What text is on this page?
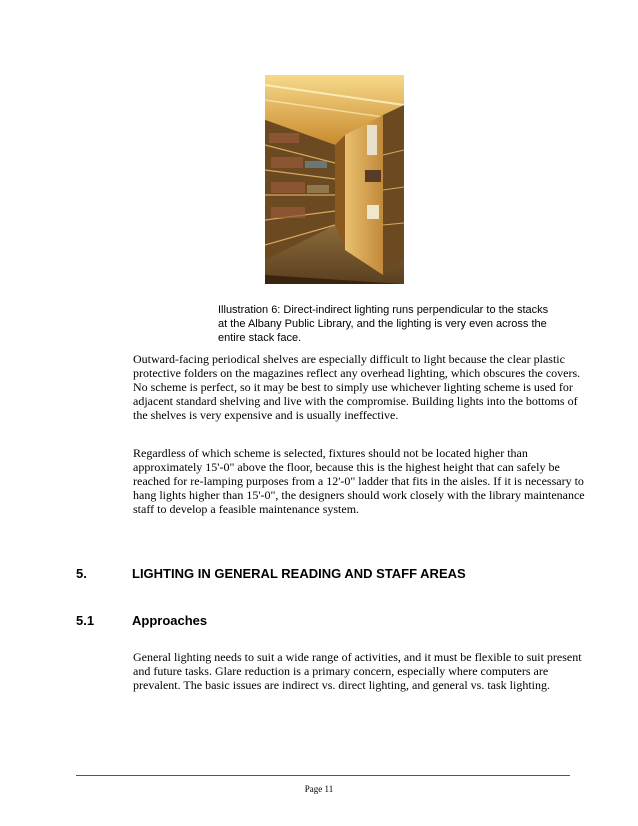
Illustration 6: Direct-indirect lighting runs perpendicular to the stacks at the Albany Public Library, and the lighting is very even across the entire stack face.

Outward-facing periodical shelves are especially difficult to light because the clear plastic protective folders on the magazines reflect any overhead lighting, which obscures the covers. No scheme is perfect, so it may be best to simply use whichever lighting scheme is used for adjacent standard shelving and live with the compromise. Building lights into the bottoms of the shelves is very expensive and is usually ineffective.

Regardless of which scheme is selected, fixtures should not be located higher than approximately 15'-0" above the floor, because this is the highest height that can safely be reached for re-lamping purposes from a 12'-0" ladder that fits in the aisles. If it is necessary to hang lights higher than 15'-0", the designers should work closely with the library maintenance staff to develop a feasible maintenance system.

5.	LIGHTING IN GENERAL READING AND STAFF AREAS
5.1	Approaches

General lighting needs to suit a wide range of activities, and it must be flexible to suit present and future tasks. Glare reduction is a primary concern, especially where computers are prevalent. The basic issues are indirect vs. direct lighting, and general vs. task lighting.

Page 11
